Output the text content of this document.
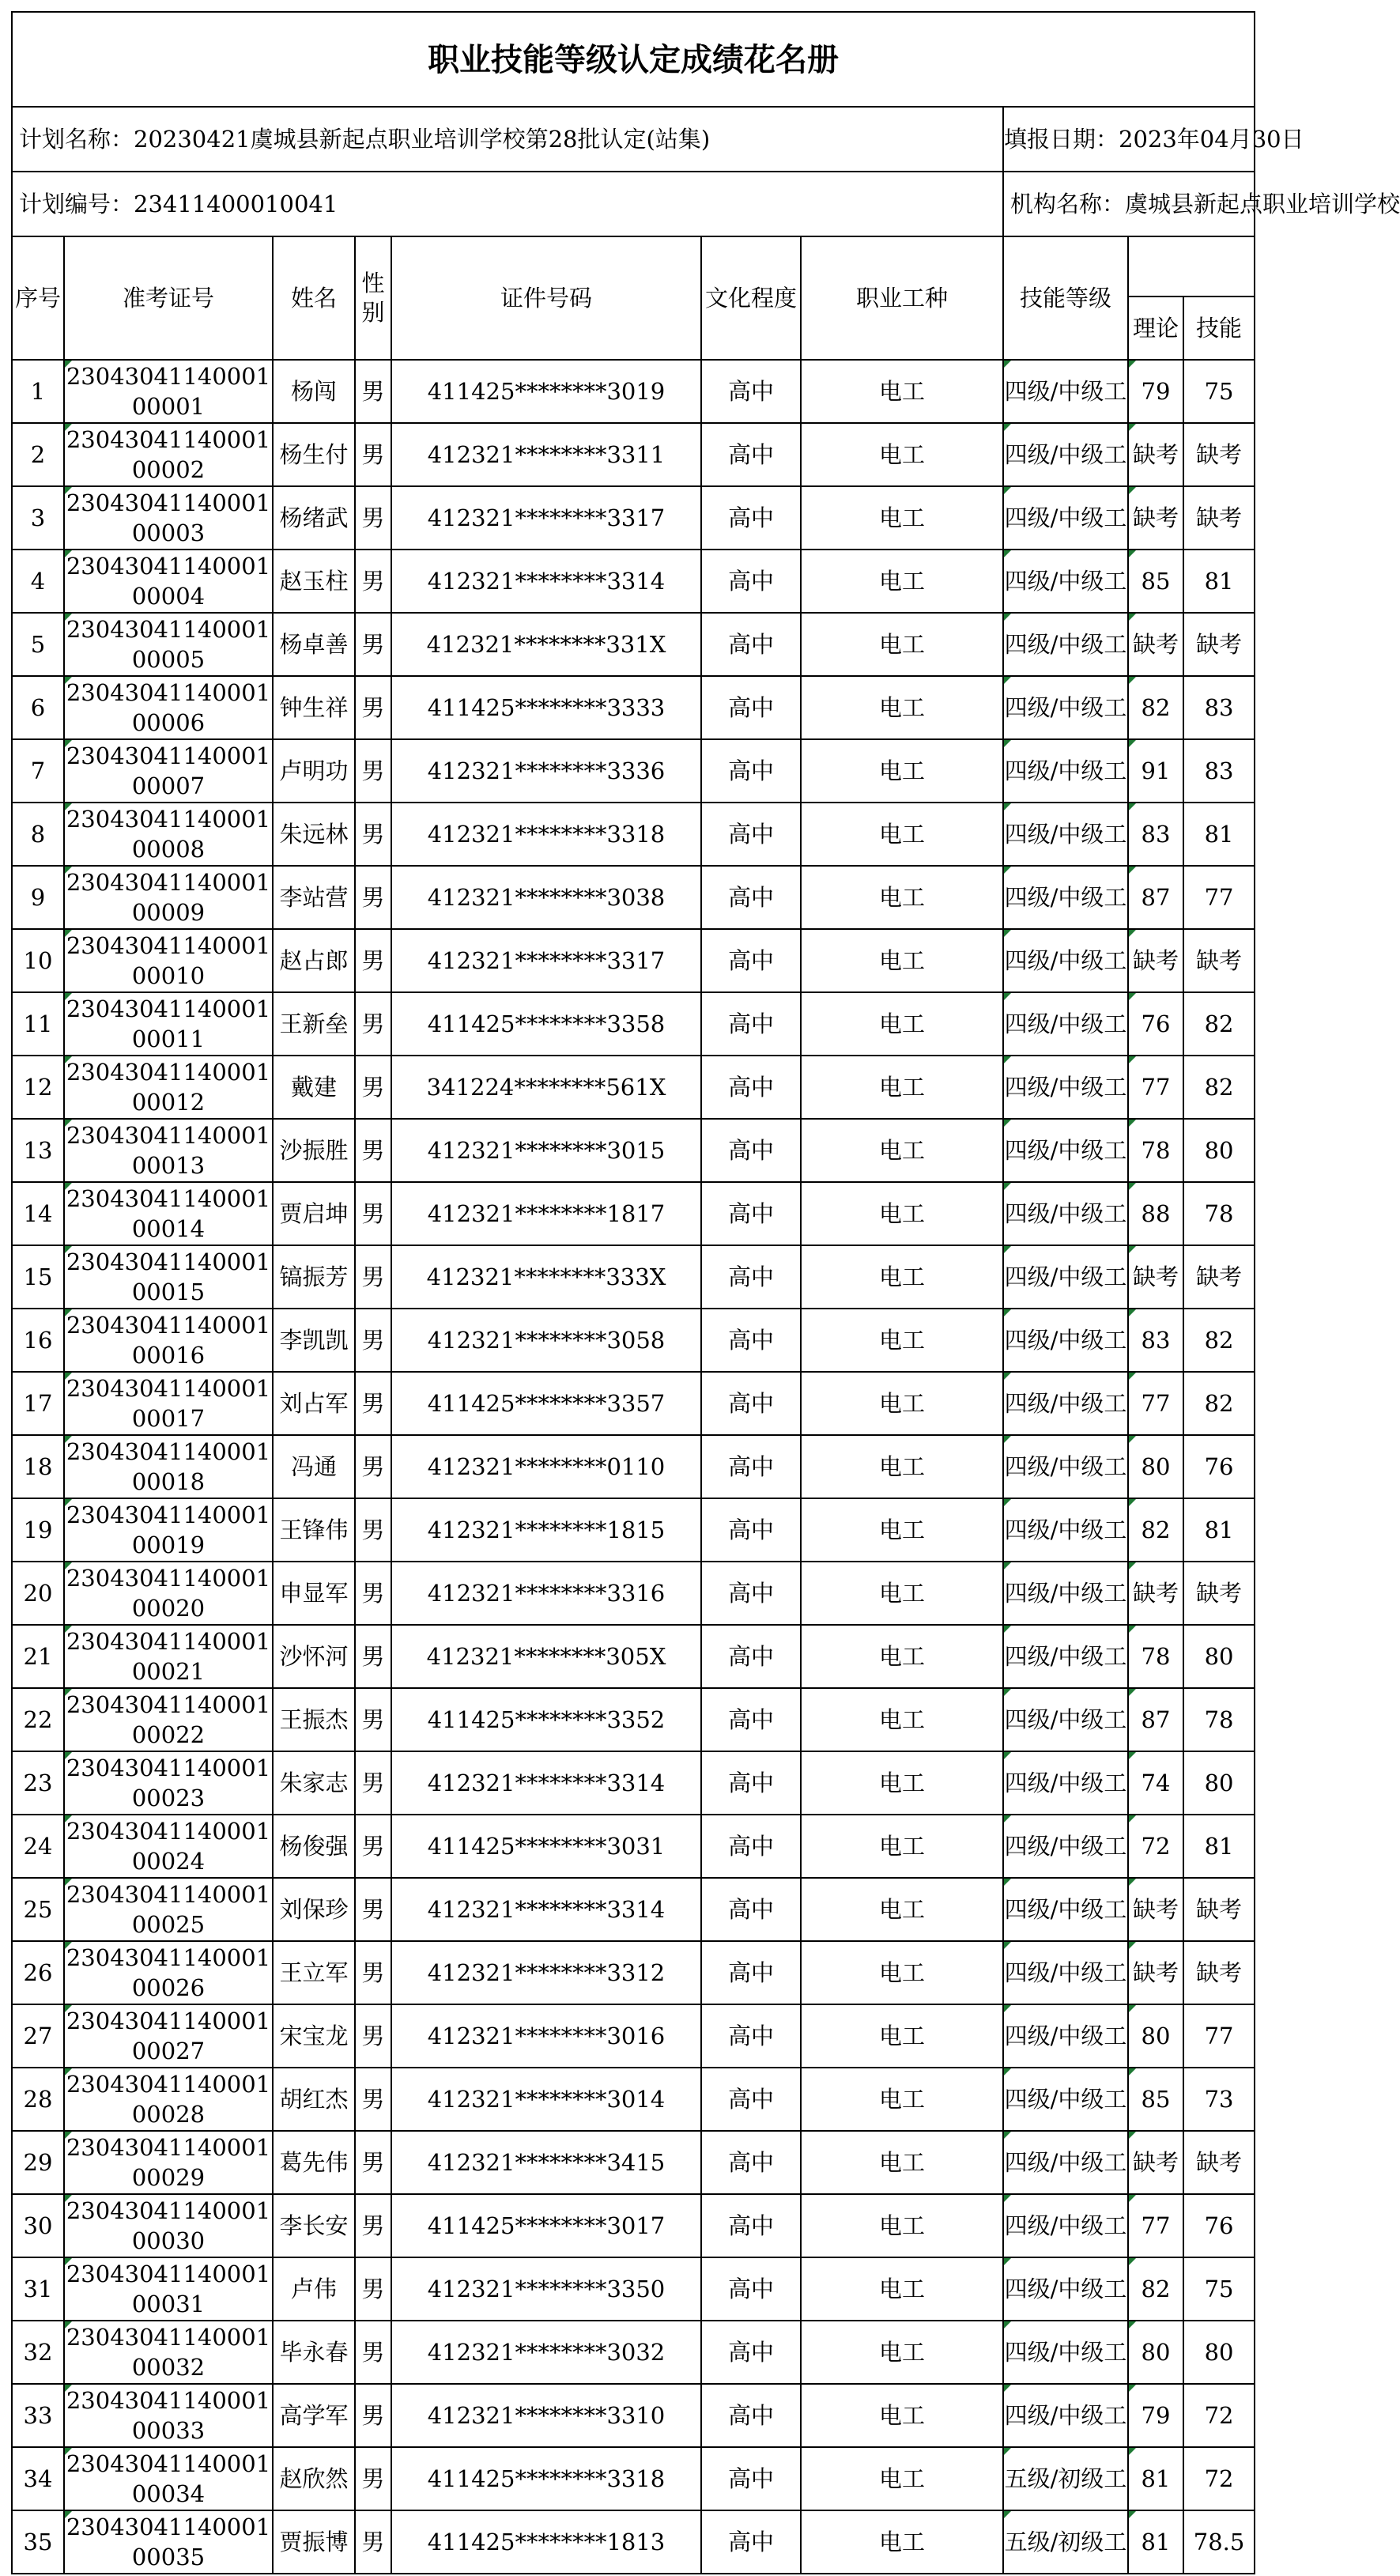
职业技能等级认定成绩花名册									
计划名称：20230421虞城县新起点职业培训学校第28批认定(站集)							填报日期：2023年04月30日		
计划编号：23411400010041							机构名称：虞城县新起点职业培训学校		
序号	准考证号	姓名	性别	证件号码	文化程度	职业工种	技能等级		
								理论	技能
1	2304304114000100001	杨闯	男	411425********3019	高中	电工	四级/中级工	79	75
2	2304304114000100002	杨生付	男	412321********3311	高中	电工	四级/中级工	缺考	缺考
3	2304304114000100003	杨绪武	男	412321********3317	高中	电工	四级/中级工	缺考	缺考
4	2304304114000100004	赵玉柱	男	412321********3314	高中	电工	四级/中级工	85	81
5	2304304114000100005	杨卓善	男	412321********331X	高中	电工	四级/中级工	缺考	缺考
6	2304304114000100006	钟生祥	男	411425********3333	高中	电工	四级/中级工	82	83
7	2304304114000100007	卢明功	男	412321********3336	高中	电工	四级/中级工	91	83
8	2304304114000100008	朱远林	男	412321********3318	高中	电工	四级/中级工	83	81
9	2304304114000100009	李站营	男	412321********3038	高中	电工	四级/中级工	87	77
10	2304304114000100010	赵占郎	男	412321********3317	高中	电工	四级/中级工	缺考	缺考
11	2304304114000100011	王新垒	男	411425********3358	高中	电工	四级/中级工	76	82
12	2304304114000100012	戴建	男	341224********561X	高中	电工	四级/中级工	77	82
13	2304304114000100013	沙振胜	男	412321********3015	高中	电工	四级/中级工	78	80
14	2304304114000100014	贾启坤	男	412321********1817	高中	电工	四级/中级工	88	78
15	2304304114000100015	镐振芳	男	412321********333X	高中	电工	四级/中级工	缺考	缺考
16	2304304114000100016	李凯凯	男	412321********3058	高中	电工	四级/中级工	83	82
17	2304304114000100017	刘占军	男	411425********3357	高中	电工	四级/中级工	77	82
18	2304304114000100018	冯通	男	412321********0110	高中	电工	四级/中级工	80	76
19	2304304114000100019	王锋伟	男	412321********1815	高中	电工	四级/中级工	82	81
20	2304304114000100020	申显军	男	412321********3316	高中	电工	四级/中级工	缺考	缺考
21	2304304114000100021	沙怀河	男	412321********305X	高中	电工	四级/中级工	78	80
22	2304304114000100022	王振杰	男	411425********3352	高中	电工	四级/中级工	87	78
23	2304304114000100023	朱家志	男	412321********3314	高中	电工	四级/中级工	74	80
24	2304304114000100024	杨俊强	男	411425********3031	高中	电工	四级/中级工	72	81
25	2304304114000100025	刘保珍	男	412321********3314	高中	电工	四级/中级工	缺考	缺考
26	2304304114000100026	王立军	男	412321********3312	高中	电工	四级/中级工	缺考	缺考
27	2304304114000100027	宋宝龙	男	412321********3016	高中	电工	四级/中级工	80	77
28	2304304114000100028	胡红杰	男	412321********3014	高中	电工	四级/中级工	85	73
29	2304304114000100029	葛先伟	男	412321********3415	高中	电工	四级/中级工	缺考	缺考
30	2304304114000100030	李长安	男	411425********3017	高中	电工	四级/中级工	77	76
31	2304304114000100031	卢伟	男	412321********3350	高中	电工	四级/中级工	82	75
32	2304304114000100032	毕永春	男	412321********3032	高中	电工	四级/中级工	80	80
33	2304304114000100033	高学军	男	412321********3310	高中	电工	四级/中级工	79	72
34	2304304114000100034	赵欣然	男	411425********3318	高中	电工	五级/初级工	81	72
35	2304304114000100035	贾振博	男	411425********1813	高中	电工	五级/初级工	81	78.5
